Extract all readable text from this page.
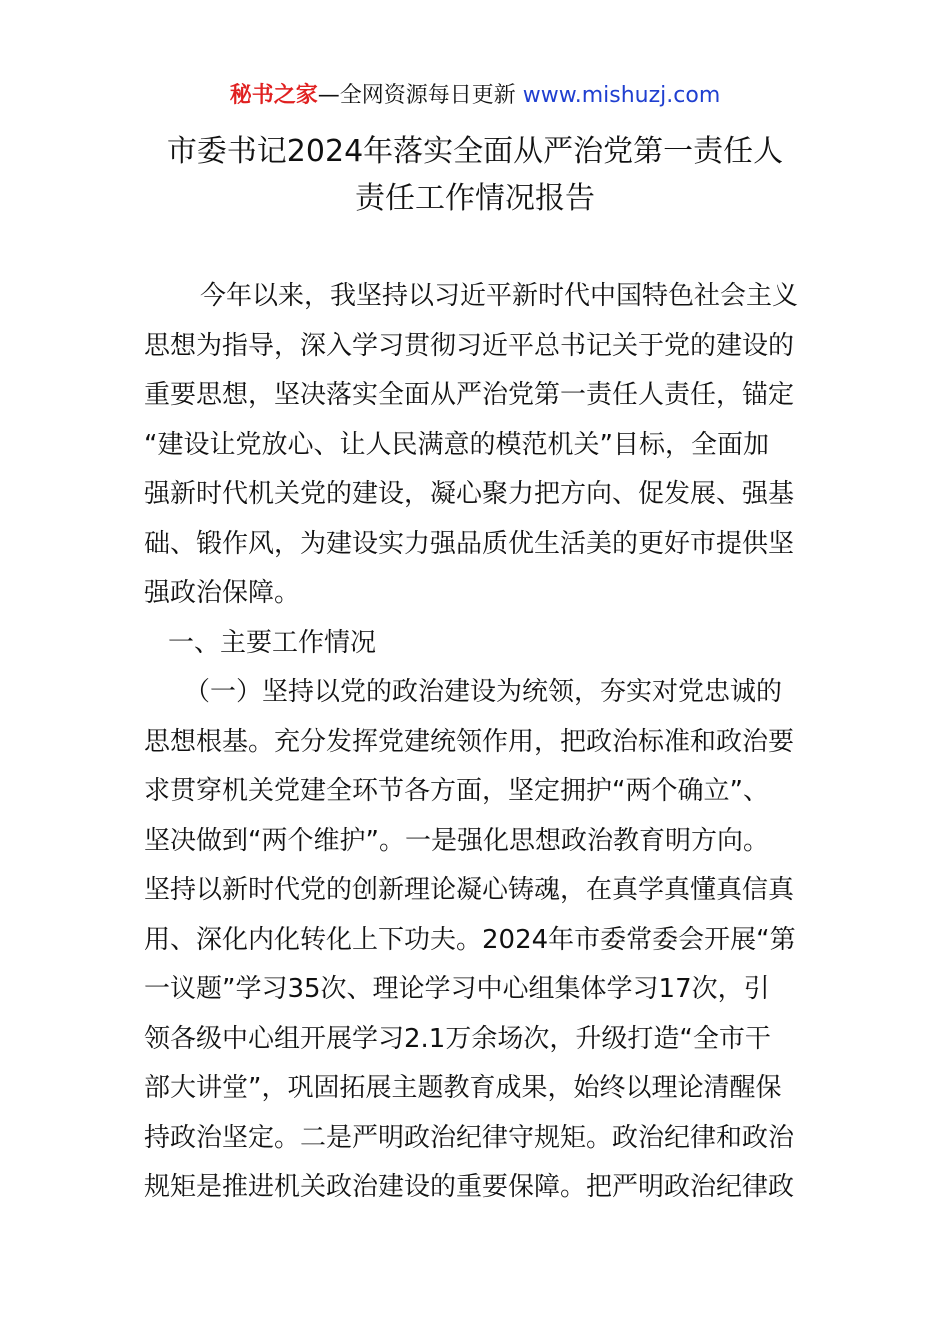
秘书之家—全网资源每日更新 www.mishuzj.com
市委书记2024年落实全面从严治党第一责任人
责任工作情况报告
今年以来，我坚持以习近平新时代中国特色社会主义
思想为指导，深入学习贯彻习近平总书记关于党的建设的
重要思想，坚决落实全面从严治党第一责任人责任，锚定
“建设让党放心、让人民满意的模范机关”目标，全面加
强新时代机关党的建设，凝心聚力把方向、促发展、强基
础、锻作风，为建设实力强品质优生活美的更好市提供坚
强政治保障。
一、主要工作情况
（一）坚持以党的政治建设为统领，夯实对党忠诚的
思想根基。充分发挥党建统领作用，把政治标准和政治要
求贯穿机关党建全环节各方面，坚定拥护“两个确立”、
坚决做到“两个维护”。一是强化思想政治教育明方向。
坚持以新时代党的创新理论凝心铸魂，在真学真懂真信真
用、深化内化转化上下功夫。2024年市委常委会开展“第
一议题”学习35次、理论学习中心组集体学习17次，引
领各级中心组开展学习2.1万余场次，升级打造“全市干
部大讲堂”，巩固拓展主题教育成果，始终以理论清醒保
持政治坚定。二是严明政治纪律守规矩。政治纪律和政治
规矩是推进机关政治建设的重要保障。把严明政治纪律政
